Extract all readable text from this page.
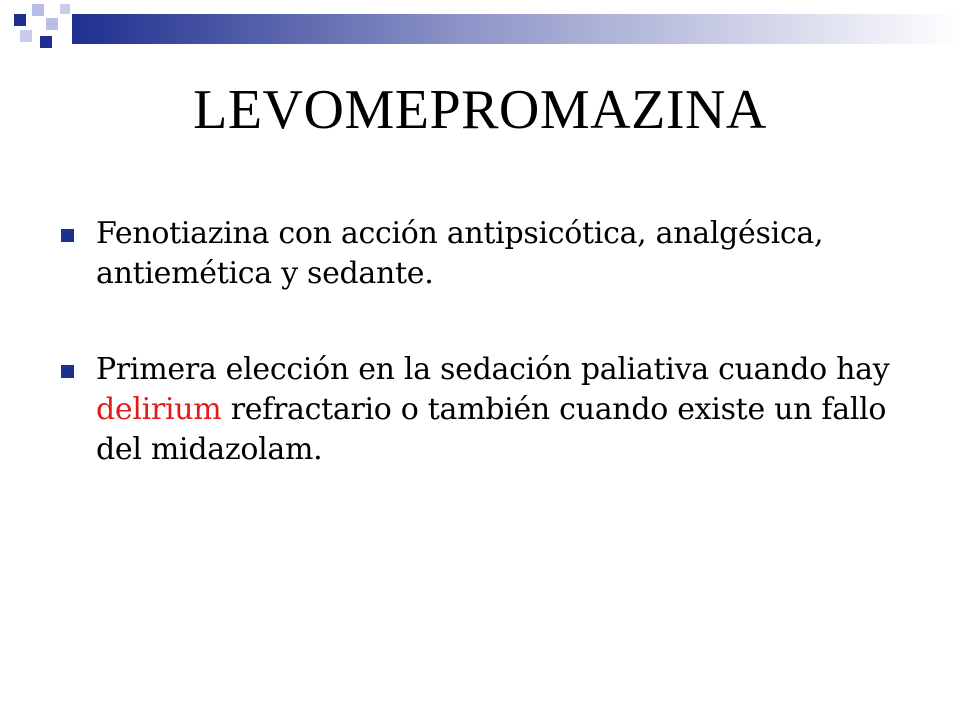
LEVOMEPROMAZINA
Fenotiazina con acción antipsicótica, analgésica, antiemética y sedante.
Primera elección en la sedación paliativa cuando hay delirium refractario o también cuando existe un fallo del midazolam.
